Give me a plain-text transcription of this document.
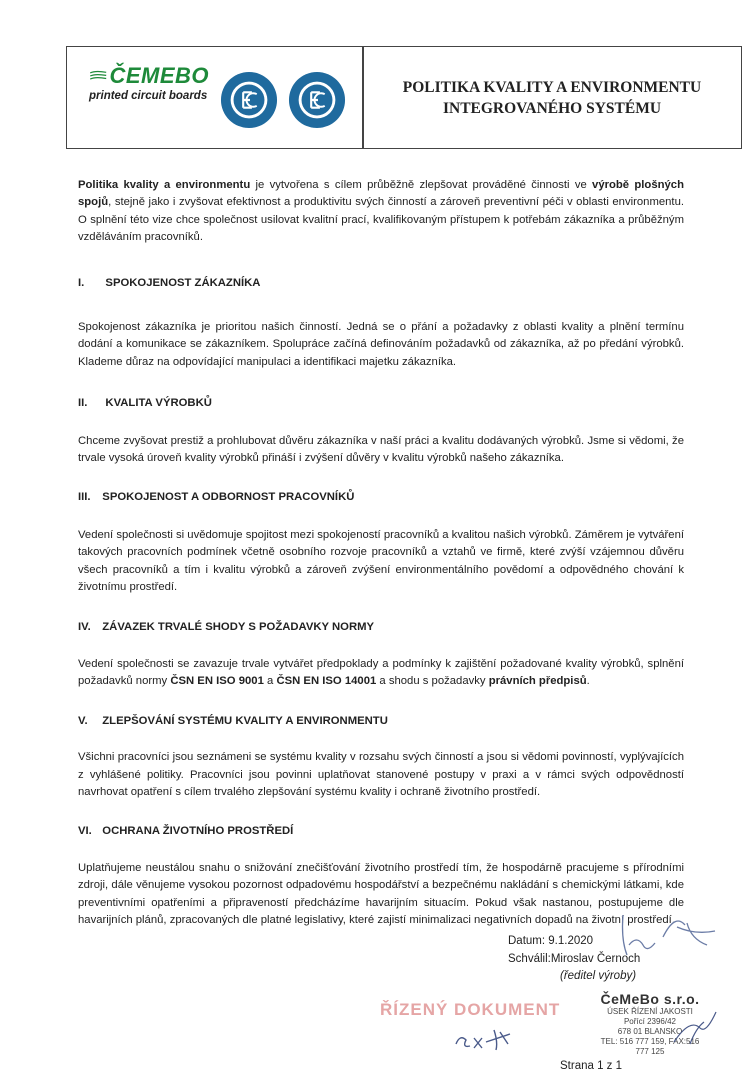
ČEMEBO
printed circuit boards
POLITIKA KVALITY A ENVIRONMENTU
INTEGROVANÉHO SYSTÉMU

Politika kvality a environmentu je vytvořena s cílem průběžně zlepšovat prováděné činnosti ve výrobě plošných spojů, stejně jako i zvyšovat efektivnost a produktivitu svých činností a zároveň preventivní péči v oblasti environmentu. O splnění této vize chce společnost usilovat kvalitní prací, kvalifikovaným přístupem k potřebám zákazníka a průběžným vzděláváním pracovníků.

I. SPOKOJENOST ZÁKAZNÍKA

Spokojenost zákazníka je prioritou našich činností. Jedná se o přání a požadavky z oblasti kvality a plnění termínu dodání a komunikace se zákazníkem. Spolupráce začíná definováním požadavků od zákazníka, až po předání výrobků. Klademe důraz na odpovídající manipulaci a identifikaci majetku zákazníka.

II. KVALITA VÝROBKŮ

Chceme zvyšovat prestiž a prohlubovat důvěru zákazníka v naší práci a kvalitu dodávaných výrobků. Jsme si vědomi, že trvale vysoká úroveň kvality výrobků přináší i zvýšení důvěry v kvalitu výrobků našeho zákazníka.

III. SPOKOJENOST A ODBORNOST PRACOVNÍKŮ

Vedení společnosti si uvědomuje spojitost mezi spokojeností pracovníků a kvalitou našich výrobků. Záměrem je vytváření takových pracovních podmínek včetně osobního rozvoje pracovníků a vztahů ve firmě, které zvýší vzájemnou důvěru všech pracovníků a tím i kvalitu výrobků a zároveň zvýšení environmentálního povědomí a odpovědného chování k životnímu prostředí.

IV. ZÁVAZEK TRVALÉ SHODY S POŽADAVKY NORMY

Vedení společnosti se zavazuje trvale vytvářet předpoklady a podmínky k zajištění požadované kvality výrobků, splnění požadavků normy ČSN EN ISO 9001 a ČSN EN ISO 14001 a shodu s požadavky právních předpisů.

V. ZLEPŠOVÁNÍ SYSTÉMU KVALITY A ENVIRONMENTU

Všichni pracovníci jsou seznámeni se systému kvality v rozsahu svých činností a jsou si vědomi povinností, vyplývajících z vyhlášené politiky. Pracovníci jsou povinni uplatňovat stanovené postupy v praxi a v rámci svých odpovědností navrhovat opatření s cílem trvalého zlepšování systému kvality i ochraně životního prostředí.

VI. OCHRANA ŽIVOTNÍHO PROSTŘEDÍ

Uplatňujeme neustálou snahu o snižování znečišťování životního prostředí tím, že hospodárně pracujeme s přírodními zdroji, dále věnujeme vysokou pozornost odpadovému hospodářství a bezpečnému nakládání s chemickými látkami, kde preventivními opatřeními a připraveností předcházíme havarijním situacím. Pokud však nastanou, postupujeme dle havarijních plánů, zpracovaných dle platné legislativy, které zajistí minimalizaci negativních dopadů na životní prostředí.

Datum: 9.1.2020
Schválil:Miroslav Černoch
(ředitel výroby)
ŘÍZENÝ DOKUMENT
ČeMeBo s.r.o.
ÚSEK ŘÍZENÍ JAKOSTI
Pořící 2396/42
678 01 BLANSKO
TEL: 516 777 159, FAX:516 777 125
Strana 1 z 1
